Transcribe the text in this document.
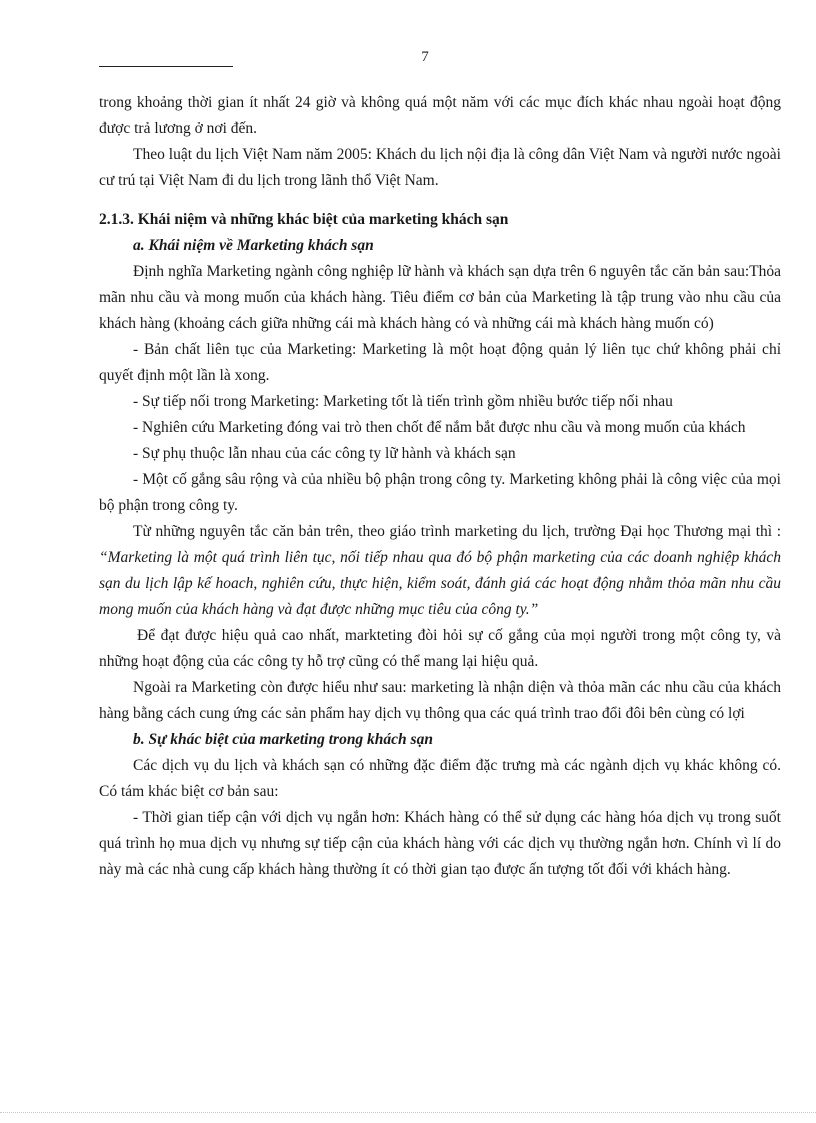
7

trong khoảng thời gian ít nhất 24 giờ và không quá một năm với các mục đích khác nhau ngoài hoạt động được trả lương ở nơi đến.

Theo luật du lịch Việt Nam năm 2005: Khách du lịch nội địa là công dân Việt Nam và người nước ngoài cư trú tại Việt Nam đi du lịch trong lãnh thổ Việt Nam.

2.1.3. Khái niệm và những khác biệt của marketing khách sạn

a. Khái niệm về Marketing khách sạn

Định nghĩa Marketing ngành công nghiệp lữ hành và khách sạn dựa trên 6 nguyên tắc căn bản sau:Thỏa mãn nhu cầu và mong muốn của khách hàng. Tiêu điểm cơ bản của Marketing là tập trung vào nhu cầu của khách hàng (khoảng cách giữa những cái mà khách hàng có và những cái mà khách hàng muốn có)

- Bản chất liên tục của Marketing: Marketing là một hoạt động quản lý liên tục chứ không phải chỉ quyết định một lần là xong.

- Sự tiếp nối trong Marketing: Marketing tốt là tiến trình gồm nhiều bước tiếp nối nhau

- Nghiên cứu Marketing đóng vai trò then chốt để nắm bắt được nhu cầu và mong muốn của khách

- Sự phụ thuộc lẫn nhau của các công ty lữ hành và khách sạn

- Một cố gắng sâu rộng và của nhiều bộ phận trong công ty. Marketing không phải là công việc của mọi bộ phận trong công ty.

Từ những nguyên tắc căn bản trên, theo giáo trình marketing du lịch, trường Đại học Thương mại thì : “Marketing là một quá trình liên tục, nối tiếp nhau qua đó bộ phận marketing của các doanh nghiệp khách sạn du lịch lập kế hoach, nghiên cứu, thực hiện, kiểm soát, đánh giá các hoạt động nhằm thỏa mãn nhu cầu mong muốn của khách hàng và đạt được những mục tiêu của công ty.”

Để đạt được hiệu quả cao nhất, markteting đòi hỏi sự cố gắng của mọi người trong một công ty, và những hoạt động của các công ty hỗ trợ cũng có thể mang lại hiệu quả.

Ngoài ra Marketing còn được hiểu như sau: marketing là nhận diện và thỏa mãn các nhu cầu của khách hàng bằng cách cung ứng các sản phẩm hay dịch vụ thông qua các quá trình trao đổi đôi bên cùng có lợi

b. Sự khác biệt của marketing trong khách sạn

Các dịch vụ du lịch và khách sạn có những đặc điểm đặc trưng mà các ngành dịch vụ khác không có. Có tám khác biệt cơ bản sau:

- Thời gian tiếp cận với dịch vụ ngắn hơn: Khách hàng có thể sử dụng các hàng hóa dịch vụ trong suốt quá trình họ mua dịch vụ nhưng sự tiếp cận của khách hàng với các dịch vụ thường ngắn hơn. Chính vì lí do này mà các nhà cung cấp khách hàng thường ít có thời gian tạo được ấn tượng tốt đối với khách hàng.
